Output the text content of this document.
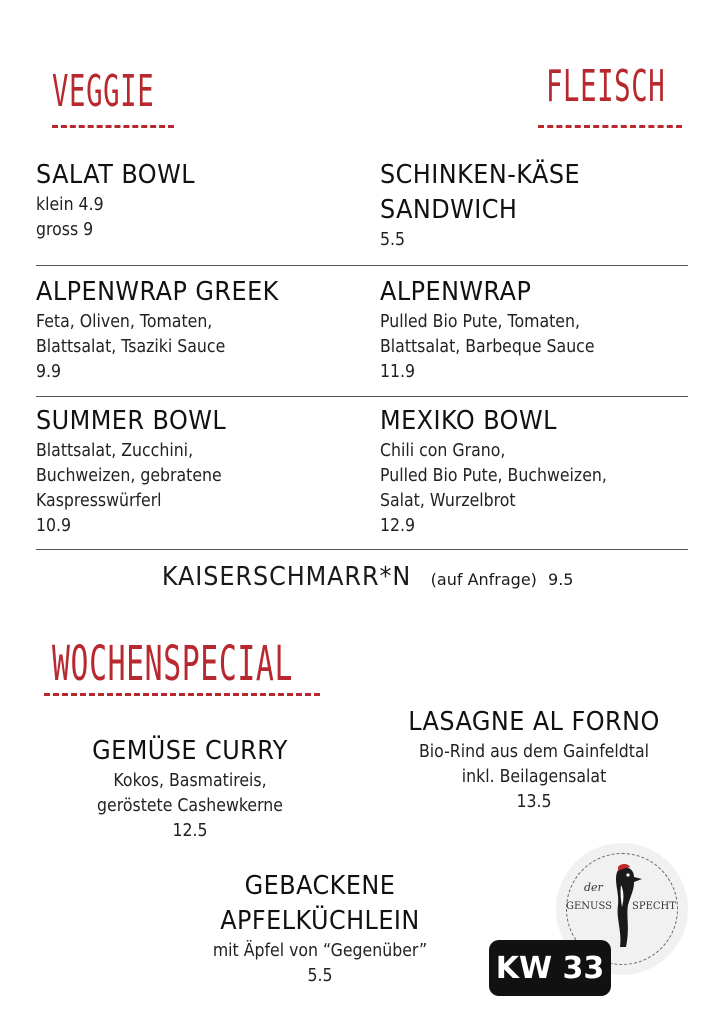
VEGGIE	FLEISCH
SALAT BOWL
klein 4.9
gross 9
SCHINKEN-KÄSE
SANDWICH
5.5
ALPENWRAP GREEK
Feta, Oliven, Tomaten,
Blattsalat, Tsaziki Sauce
9.9
ALPENWRAP
Pulled Bio Pute, Tomaten,
Blattsalat, Barbeque Sauce
11.9
SUMMER BOWL
Blattsalat, Zucchini,
Buchweizen, gebratene
Kaspresswürferl
10.9
MEXIKO BOWL
Chili con Grano,
Pulled Bio Pute, Buchweizen,
Salat, Wurzelbrot
12.9
KAISERSCHMARR*N (auf Anfrage) 9.5
WOCHENSPECIAL
GEMÜSE CURRY
Kokos, Basmatireis,
geröstete Cashewkerne
12.5
LASAGNE AL FORNO
Bio-Rind aus dem Gainfeldtal
inkl. Beilagensalat
13.5
GEBACKENE
APFELKÜCHLEIN
mit Äpfel von “Gegenüber”
5.5
der
GENUSS SPECHT
KW 33
